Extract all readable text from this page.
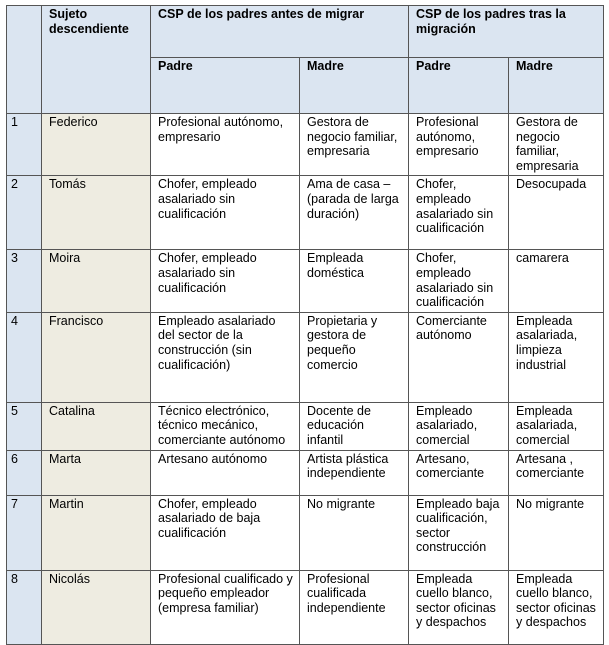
	Sujeto descendiente	CSP de los padres antes de migrar		CSP de los padres tras la migración	
		Padre	Madre	Padre	Madre
1	Federico	Profesional autónomo, empresario	Gestora de negocio familiar, empresaria	Profesional autónomo, empresario	Gestora de negocio familiar, empresaria
2	Tomás	Chofer, empleado asalariado sin cualificación	Ama de casa – (parada de larga duración)	Chofer, empleado asalariado sin cualificación	Desocupada
3	Moira	Chofer, empleado asalariado sin cualificación	Empleada doméstica	Chofer, empleado asalariado sin cualificación	camarera
4	Francisco	Empleado asalariado del sector de la construcción (sin cualificación)	Propietaria y gestora de pequeño comercio	Comerciante autónomo	Empleada asalariada, limpieza industrial
5	Catalina	Técnico electrónico, técnico mecánico, comerciante autónomo	Docente de educación infantil	Empleado asalariado, comercial	Empleada asalariada, comercial
6	Marta	Artesano autónomo	Artista plástica independiente	Artesano, comerciante	Artesana , comerciante
7	Martin	Chofer, empleado asalariado de baja cualificación	No migrante	Empleado baja cualificación, sector construcción	No migrante
8	Nicolás	Profesional cualificado y pequeño empleador (empresa familiar)	Profesional cualificada independiente	Empleada cuello blanco, sector oficinas y despachos	Empleada cuello blanco, sector oficinas y despachos
